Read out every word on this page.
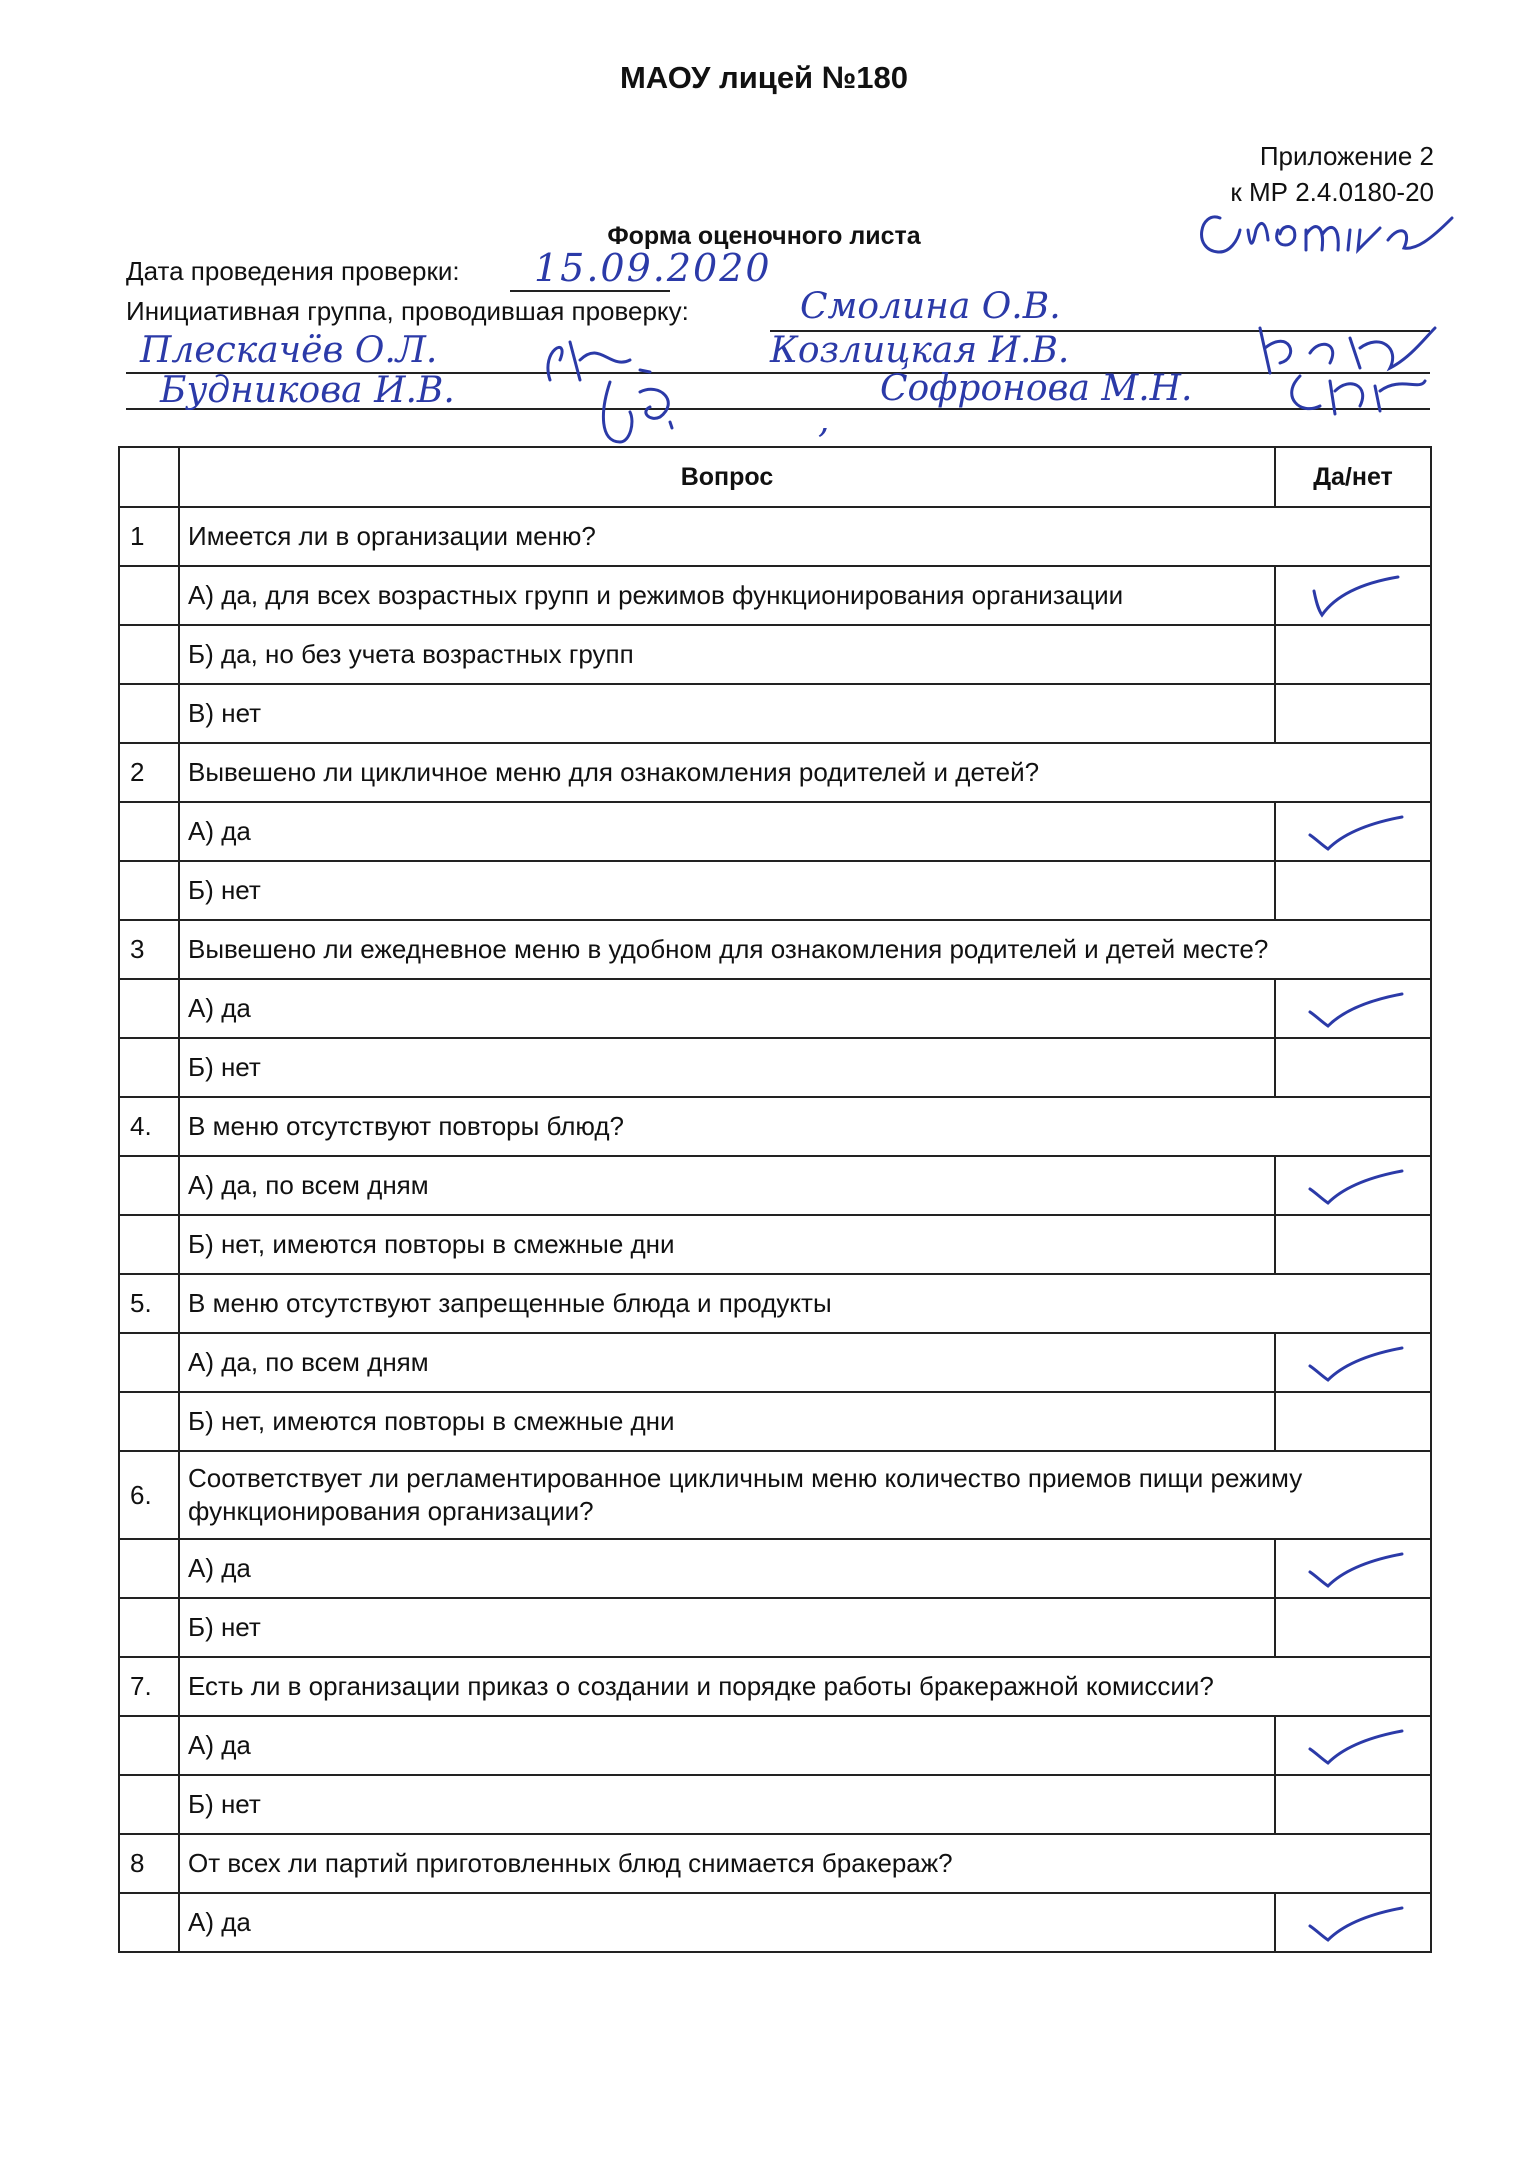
МАОУ лицей №180
Приложение 2
к МР 2.4.0180-20
Форма оценочного листа
Дата проведения проверки: 15.09.2020
Инициативная группа, проводившая проверку:	Смолина О.В.
Плескачёв О.Л.	Козлицкая И.В.
Будникова И.В.
,
Софронова М.Н.
	Вопрос	Да/нет
1	Имеется ли в организации меню?	
	А) да, для всех возрастных групп и режимов функционирования организации	

	Б) да, но без учета возрастных групп	
	В) нет	
2	Вывешено ли цикличное меню для ознакомления родителей и детей?	
	А) да	

	Б) нет	
3	Вывешено ли ежедневное меню в удобном для ознакомления родителей и детей месте?	
	А) да	

	Б) нет	
4.	В меню отсутствуют повторы блюд?	
	А) да, по всем дням	

	Б) нет, имеются повторы в смежные дни	
5.	В меню отсутствуют запрещенные блюда и продукты	
	А) да, по всем дням	

	Б) нет, имеются повторы в смежные дни	
6.	Соответствует ли регламентированное цикличным меню количество приемов пищи режиму функционирования организации?	
	А) да	

	Б) нет	
7.	Есть ли в организации приказ о создании и порядке работы бракеражной комиссии?	
	А) да	

	Б) нет	
8	От всех ли партий приготовленных блюд снимается бракераж?	
	А) да	
